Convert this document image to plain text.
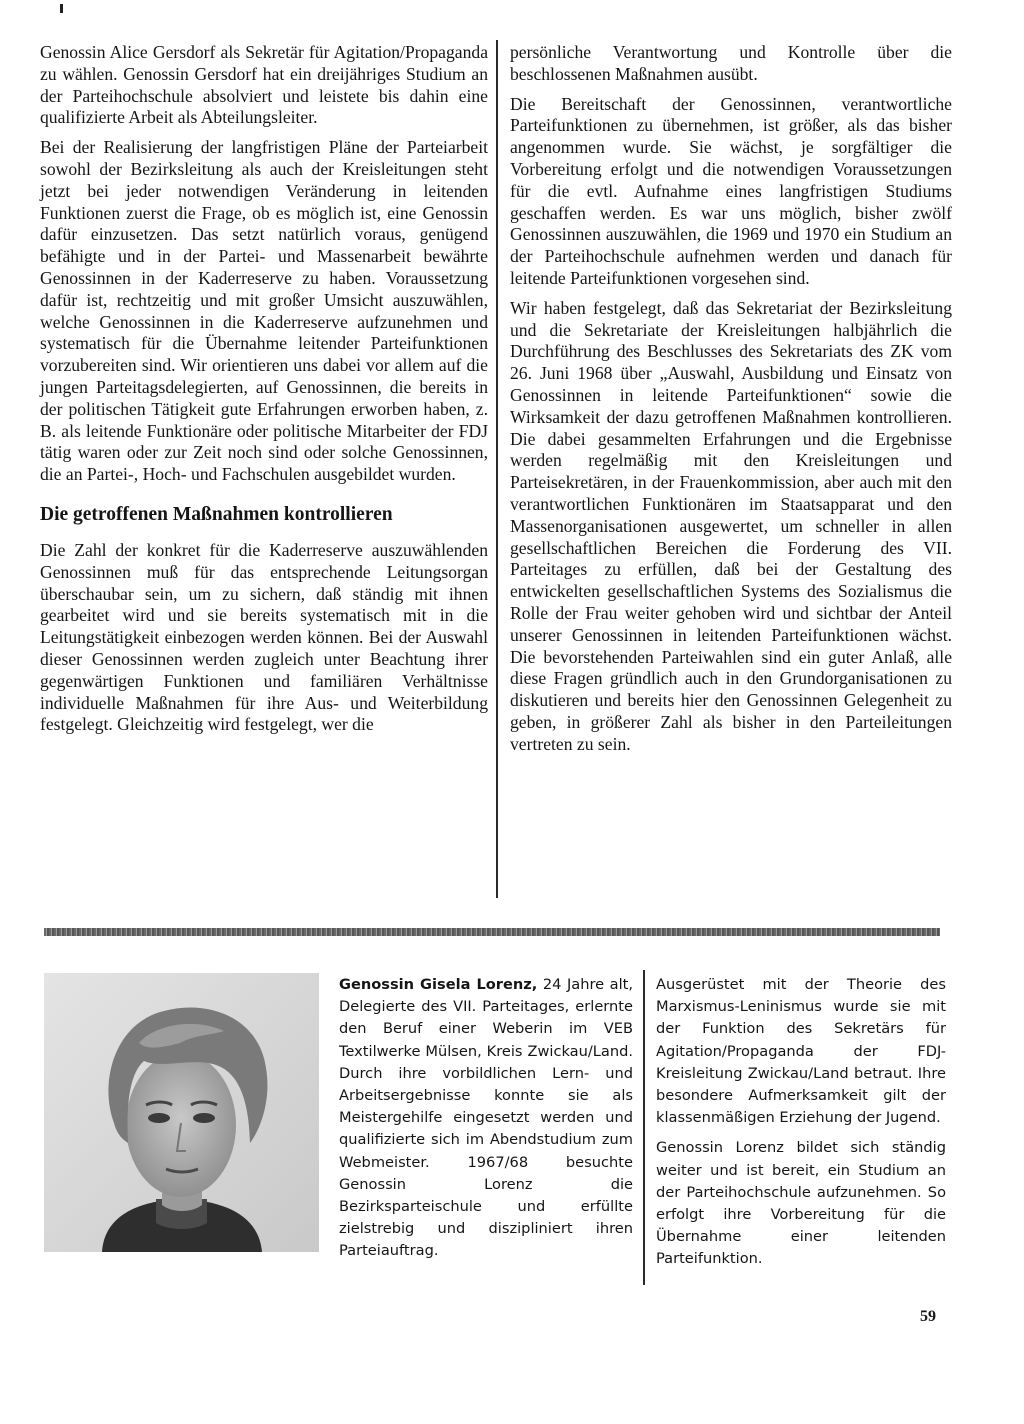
Genossin Alice Gersdorf als Sekretär für Agitation/Propaganda zu wählen. Genossin Gersdorf hat ein dreijähriges Studium an der Parteihochschule absolviert und leistete bis dahin eine qualifizierte Arbeit als Abteilungsleiter.

Bei der Realisierung der langfristigen Pläne der Parteiarbeit sowohl der Bezirksleitung als auch der Kreisleitungen steht jetzt bei jeder notwendigen Veränderung in leitenden Funktionen zuerst die Frage, ob es möglich ist, eine Genossin dafür einzusetzen. Das setzt natürlich voraus, genügend befähigte und in der Partei- und Massenarbeit bewährte Genossinnen in der Kaderreserve zu haben. Voraussetzung dafür ist, rechtzeitig und mit großer Umsicht auszuwählen, welche Genossinnen in die Kaderreserve aufzunehmen und systematisch für die Übernahme leitender Parteifunktionen vorzubereiten sind. Wir orientieren uns dabei vor allem auf die jungen Parteitagsdelegierten, auf Genossinnen, die bereits in der politischen Tätigkeit gute Erfahrungen erworben haben, z. B. als leitende Funktionäre oder politische Mitarbeiter der FDJ tätig waren oder zur Zeit noch sind oder solche Genossinnen, die an Partei-, Hoch- und Fachschulen ausgebildet wurden.

Die getroffenen Maßnahmen kontrollieren

Die Zahl der konkret für die Kaderreserve auszuwählenden Genossinnen muß für das entsprechende Leitungsorgan überschaubar sein, um zu sichern, daß ständig mit ihnen gearbeitet wird und sie bereits systematisch mit in die Leitungstätigkeit einbezogen werden können. Bei der Auswahl dieser Genossinnen werden zugleich unter Beachtung ihrer gegenwärtigen Funktionen und familiären Verhältnisse individuelle Maßnahmen für ihre Aus- und Weiterbildung festgelegt. Gleichzeitig wird festgelegt, wer die

persönliche Verantwortung und Kontrolle über die beschlossenen Maßnahmen ausübt.

Die Bereitschaft der Genossinnen, verantwortliche Parteifunktionen zu übernehmen, ist größer, als das bisher angenommen wurde. Sie wächst, je sorgfältiger die Vorbereitung erfolgt und die notwendigen Voraussetzungen für die evtl. Aufnahme eines langfristigen Studiums geschaffen werden. Es war uns möglich, bisher zwölf Genossinnen auszuwählen, die 1969 und 1970 ein Studium an der Parteihochschule aufnehmen werden und danach für leitende Parteifunktionen vorgesehen sind.

Wir haben festgelegt, daß das Sekretariat der Bezirksleitung und die Sekretariate der Kreisleitungen halbjährlich die Durchführung des Beschlusses des Sekretariats des ZK vom 26. Juni 1968 über „Auswahl, Ausbildung und Einsatz von Genossinnen in leitende Parteifunktionen“ sowie die Wirksamkeit der dazu getroffenen Maßnahmen kontrollieren. Die dabei gesammelten Erfahrungen und die Ergebnisse werden regelmäßig mit den Kreisleitungen und Parteisekretären, in der Frauenkommission, aber auch mit den verantwortlichen Funktionären im Staatsapparat und den Massenorganisationen ausgewertet, um schneller in allen gesellschaftlichen Bereichen die Forderung des VII. Parteitages zu erfüllen, daß bei der Gestaltung des entwickelten gesellschaftlichen Systems des Sozialismus die Rolle der Frau weiter gehoben wird und sichtbar der Anteil unserer Genossinnen in leitenden Parteifunktionen wächst. Die bevorstehenden Parteiwahlen sind ein guter Anlaß, alle diese Fragen gründlich auch in den Grundorganisationen zu diskutieren und bereits hier den Genossinnen Gelegenheit zu geben, in größerer Zahl als bisher in den Parteileitungen vertreten zu sein.

Genossin Gisela Lorenz, 24 Jahre alt, Delegierte des VII. Parteitages, erlernte den Beruf einer Weberin im VEB Textilwerke Mülsen, Kreis Zwickau/Land. Durch ihre vorbildlichen Lern- und Arbeitsergebnisse konnte sie als Meistergehilfe eingesetzt werden und qualifizierte sich im Abendstudium zum Webmeister. 1967/68 besuchte Genossin Lorenz die Bezirksparteischule und erfüllte zielstrebig und diszipliniert ihren Parteiauftrag.

Ausgerüstet mit der Theorie des Marxismus-Leninismus wurde sie mit der Funktion des Sekretärs für Agitation/Propaganda der FDJ-Kreisleitung Zwickau/Land betraut. Ihre besondere Aufmerksamkeit gilt der klassenmäßigen Erziehung der Jugend.

Genossin Lorenz bildet sich ständig weiter und ist bereit, ein Studium an der Parteihochschule aufzunehmen. So erfolgt ihre Vorbereitung für die Übernahme einer leitenden Parteifunktion.

59
